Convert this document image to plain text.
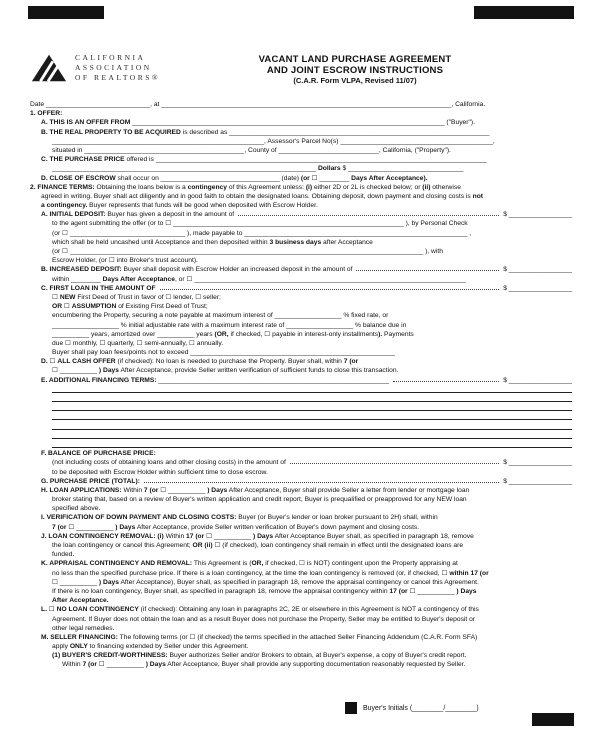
CALIFORNIA
ASSOCIATION
OF REALTORS®
VACANT LAND PURCHASE AGREEMENT
AND JOINT ESCROW INSTRUCTIONS
(C.A.R. Form VLPA, Revised 11/07)
Date ____________________________, at ______________________________________________________________________________, California.
1. OFFER:
A. THIS IS AN OFFER FROM ____________________________________________________________________________________ ("Buyer").
B. THE REAL PROPERTY TO BE ACQUIRED is described as ______________________________________________________________________
_________________________________________________________, Assessor's Parcel No(s) _________________________________________,
situated in ___________________________________________, County of ___________________________, California, ("Property").
C. THE PURCHASE PRICE offered is _________________________________________________________________________________________
_______________________________________________________________________ Dollars $ _______________________________
D. CLOSE OF ESCROW shall occur on ________________________________ (date) (or ☐ ________ Days After Acceptance).
2. FINANCE TERMS: Obtaining the loans below is a contingency of this Agreement unless: (i) either 2D or 2L is checked below; or (ii) otherwise
agreed in writing. Buyer shall act diligently and in good faith to obtain the designated loans. Obtaining deposit, down payment and closing costs is not
a contingency. Buyer represents that funds will be good when deposited with Escrow Holder.
A. INITIAL DEPOSIT: Buyer has given a deposit in the amount of	$ _________________
to the agent submitting the offer (or to ☐ ______________________________________________________________ ), by Personal Check
(or ☐ _______________________________ ), made payable to ____________________________________________________________ ,
which shall be held uncashed until Acceptance and then deposited within 3 business days after Acceptance
(or ☐ _______________________________________________________________________________________________ ), with
Escrow Holder, (or ☐ into Broker's trust account).
B. INCREASED DEPOSIT: Buyer shall deposit with Escrow Holder an increased deposit in the amount of	$ _________________
within ________ Days After Acceptance, or ☐ _________________________________________________________________________
C. FIRST LOAN IN THE AMOUNT OF	$ _________________
☐ NEW First Deed of Trust in favor of ☐ lender, ☐ seller;
OR ☐ ASSUMPTION of Existing First Deed of Trust;
encumbering the Property, securing a note payable at maximum interest of __________________ % fixed rate, or
__________________ % initial adjustable rate with a maximum interest rate of __________________ % balance due in
__________ years, amortized over __________ years (OR, if checked, ☐ payable in interest-only installments). Payments
due ☐ monthly, ☐ quarterly, ☐ semi-annually, ☐ annually.
Buyer shall pay loan fees/points not to exceed _______________________________________________________
D. ☐ ALL CASH OFFER (if checked): No loan is needed to purchase the Property. Buyer shall, within 7 (or
☐ __________ ) Days After Acceptance, provide Seller written verification of sufficient funds to close this transaction.
E. ADDITIONAL FINANCING TERMS: ______________________________________________________________	$ _________________
F. BALANCE OF PURCHASE PRICE:
(not including costs of obtaining loans and other closing costs) in the amount of	$ _________________
to be deposited with Escrow Holder within sufficient time to close escrow.
G. PURCHASE PRICE (TOTAL):	$ _________________
H. LOAN APPLICATIONS: Within 7 (or ☐ __________ ) Days After Acceptance, Buyer shall provide Seller a letter from lender or mortgage loan
broker stating that, based on a review of Buyer's written application and credit report, Buyer is prequalified or preapproved for any NEW loan
specified above.
I. VERIFICATION OF DOWN PAYMENT AND CLOSING COSTS: Buyer (or Buyer's lender or loan broker pursuant to 2H) shall, within
7 (or ☐ __________ ) Days After Acceptance, provide Seller written verification of Buyer's down payment and closing costs.
J. LOAN CONTINGENCY REMOVAL: (i) Within 17 (or ☐ __________ ) Days After Acceptance Buyer shall, as specified in paragraph 18, remove
the loan contingency or cancel this Agreement; OR (ii) ☐ (if checked), loan contingency shall remain in effect until the designated loans are
funded.
K. APPRAISAL CONTINGENCY AND REMOVAL: This Agreement is (OR, if checked, ☐ is NOT) contingent upon the Property appraising at
no less than the specified purchase price. If there is a loan contingency, at the time the loan contingency is removed (or, if checked, ☐ within 17 (or
☐ __________ ) Days After Acceptance), Buyer shall, as specified in paragraph 18, remove the appraisal contingency or cancel this Agreement.
If there is no loan contingency, Buyer shall, as specified in paragraph 18, remove the appraisal contingency within 17 (or ☐ __________ ) Days
After Acceptance.
L. ☐ NO LOAN CONTINGENCY (if checked): Obtaining any loan in paragraphs 2C, 2E or elsewhere in this Agreement is NOT a contingency of this
Agreement. If Buyer does not obtain the loan and as a result Buyer does not purchase the Property, Seller may be entitled to Buyer's deposit or
other legal remedies.
M. SELLER FINANCING: The following terms (or ☐ (if checked) the terms specified in the attached Seller Financing Addendum (C.A.R. Form SFA)
apply ONLY to financing extended by Seller under this Agreement.
(1) BUYER'S CREDIT-WORTHINESS: Buyer authorizes Seller and/or Brokers to obtain, at Buyer's expense, a copy of Buyer's credit report.
Within 7 (or ☐ __________ ) Days After Acceptance, Buyer shall provide any supporting documentation reasonably requested by Seller.
Buyer's Initials (________/________)
